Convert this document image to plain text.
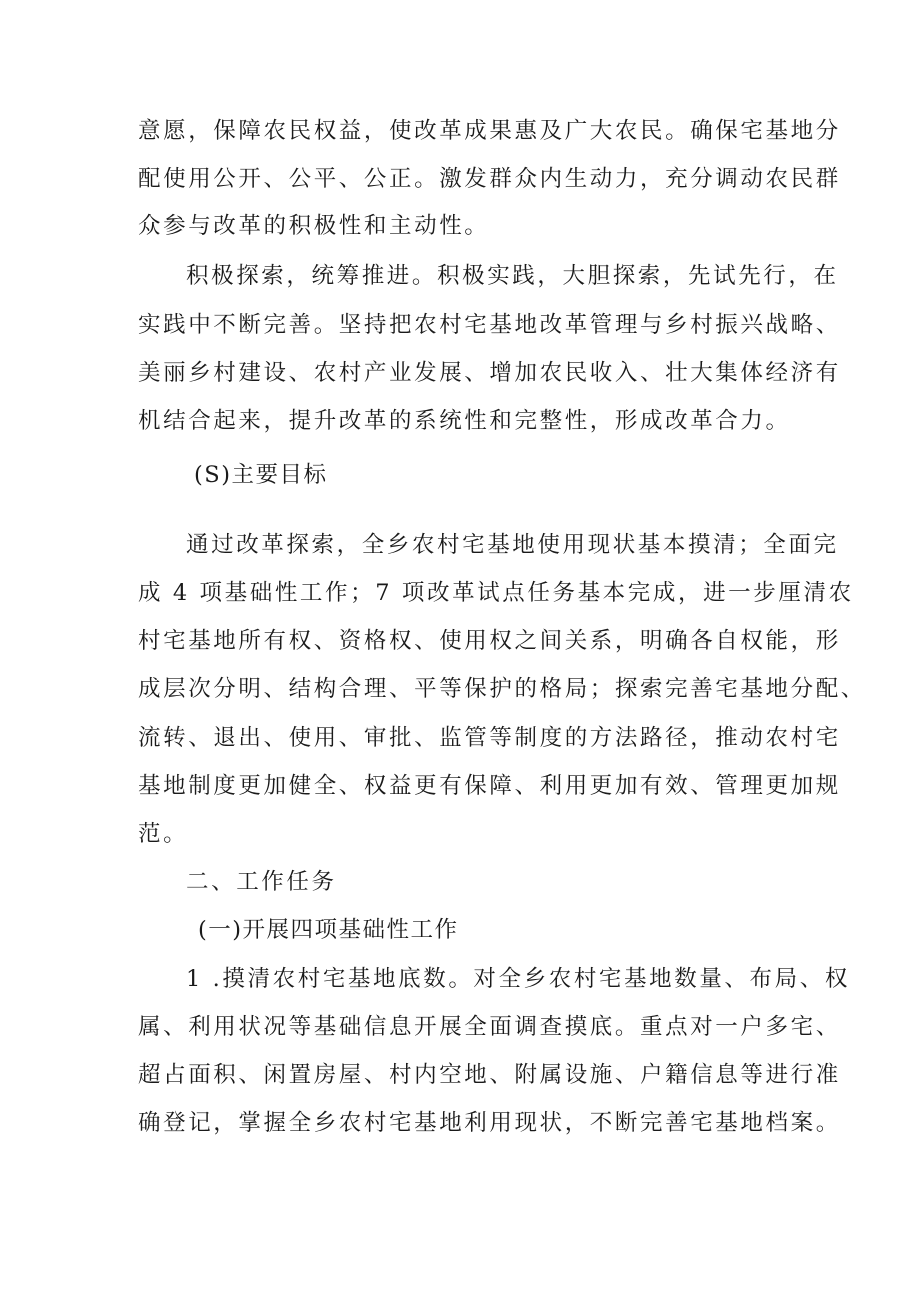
意愿，保障农民权益，使改革成果惠及广大农民。确保宅基地分
配使用公开、公平、公正。激发群众内生动力，充分调动农民群
众参与改革的积极性和主动性。
积极探索，统筹推进。积极实践，大胆探索，先试先行，在
实践中不断完善。坚持把农村宅基地改革管理与乡村振兴战略、
美丽乡村建设、农村产业发展、增加农民收入、壮大集体经济有
机结合起来，提升改革的系统性和完整性，形成改革合力。
(S)主要目标
通过改革探索，全乡农村宅基地使用现状基本摸清；全面完
成 4 项基础性工作；7 项改革试点任务基本完成，进一步厘清农
村宅基地所有权、资格权、使用权之间关系，明确各自权能，形
成层次分明、结构合理、平等保护的格局；探索完善宅基地分配、
流转、退出、使用、审批、监管等制度的方法路径，推动农村宅
基地制度更加健全、权益更有保障、利用更加有效、管理更加规
范。
二、工作任务
(一)开展四项基础性工作
1 .摸清农村宅基地底数。对全乡农村宅基地数量、布局、权
属、利用状况等基础信息开展全面调查摸底。重点对一户多宅、
超占面积、闲置房屋、村内空地、附属设施、户籍信息等进行准
确登记，掌握全乡农村宅基地利用现状，不断完善宅基地档案。
